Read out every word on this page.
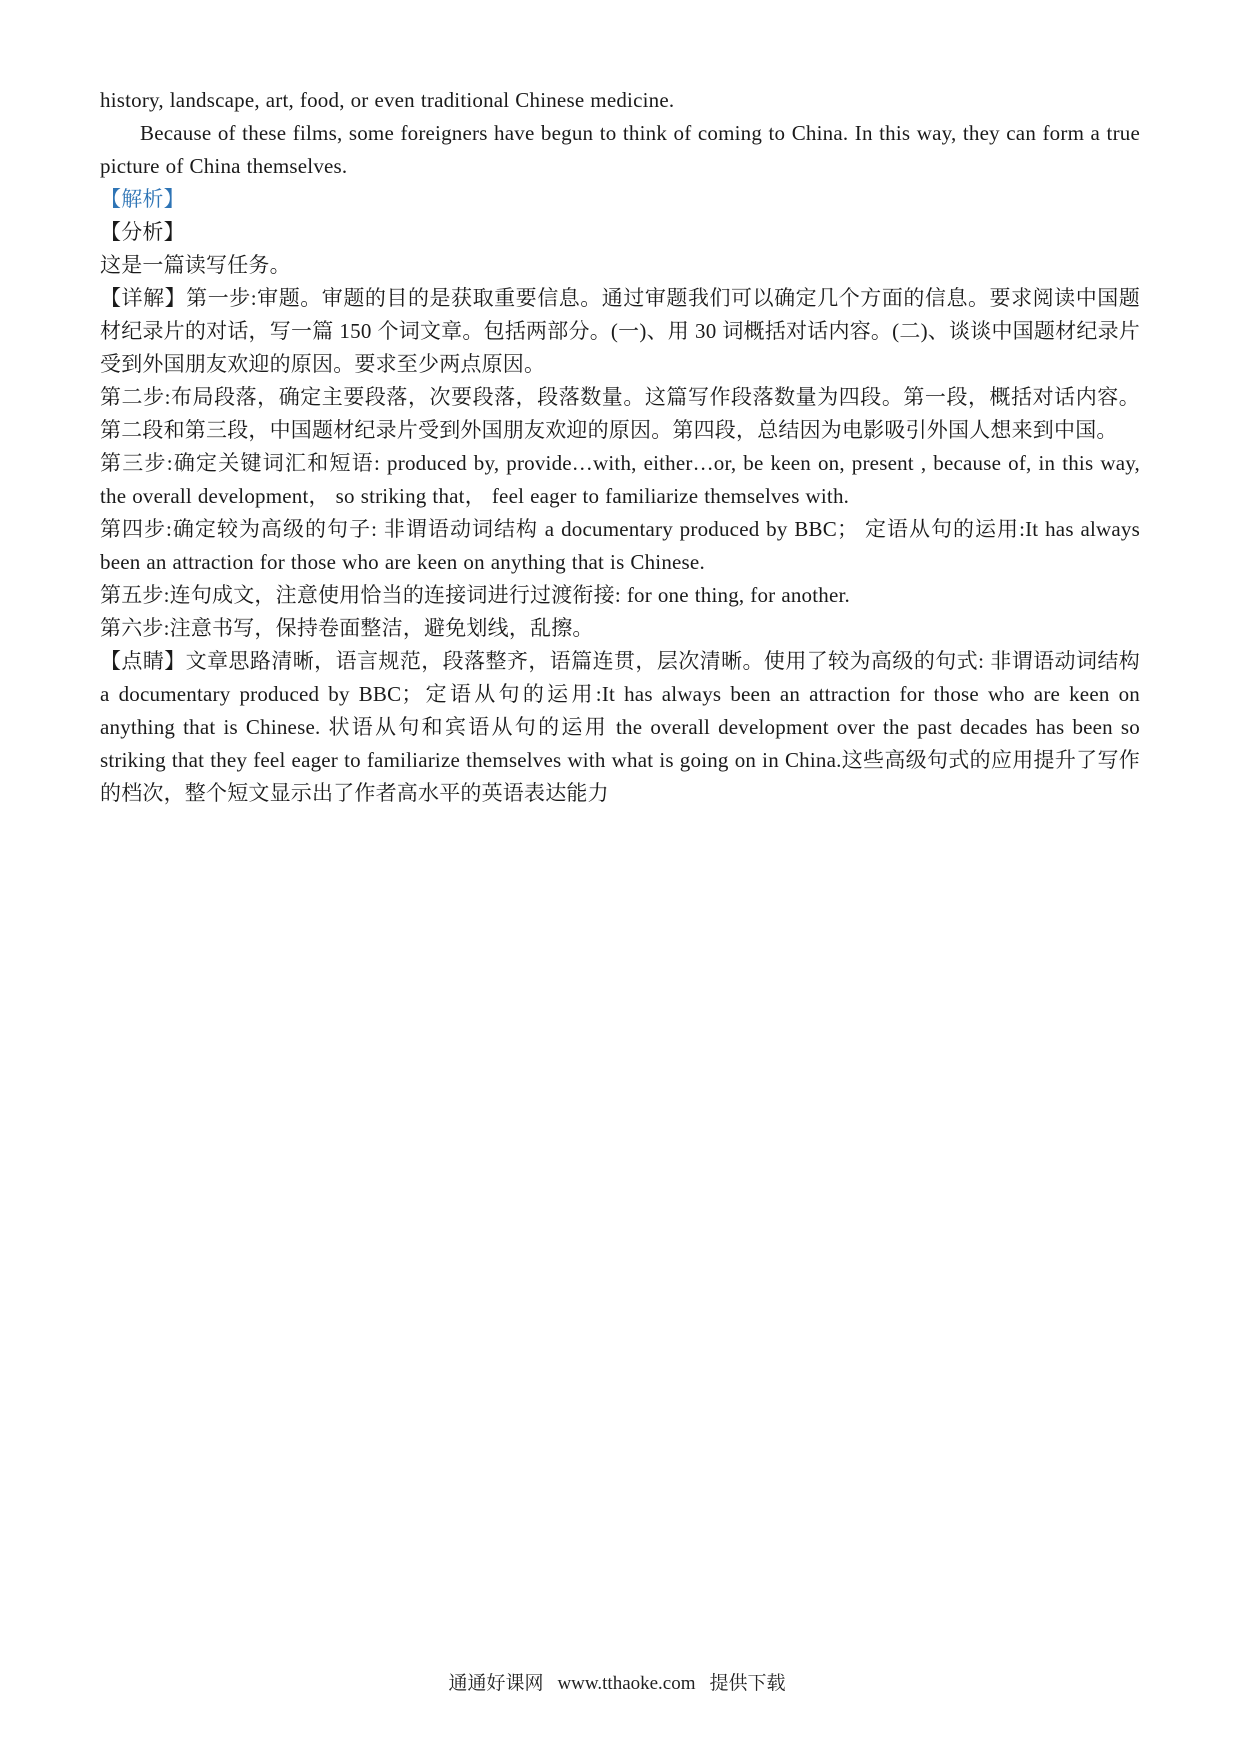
history, landscape, art, food, or even traditional Chinese medicine.

Because of these films, some foreigners have begun to think of coming to China. In this way, they can form a true picture of China themselves.

【解析】

【分析】

这是一篇读写任务。

【详解】第一步:审题。审题的目的是获取重要信息。通过审题我们可以确定几个方面的信息。要求阅读中国题材纪录片的对话，写一篇 150 个词文章。包括两部分。(一)、用 30 词概括对话内容。(二)、谈谈中国题材纪录片受到外国朋友欢迎的原因。要求至少两点原因。

第二步:布局段落，确定主要段落，次要段落，段落数量。这篇写作段落数量为四段。第一段，概括对话内容。第二段和第三段，中国题材纪录片受到外国朋友欢迎的原因。第四段，总结因为电影吸引外国人想来到中国。

第三步:确定关键词汇和短语: produced by, provide…with, either…or, be keen on, present , because of, in this way, the overall development， so striking that， feel eager to familiarize themselves with.

第四步:确定较为高级的句子: 非谓语动词结构 a documentary produced by BBC； 定语从句的运用:It has always been an attraction for those who are keen on anything that is Chinese.

第五步:连句成文，注意使用恰当的连接词进行过渡衔接: for one thing, for another.

第六步:注意书写，保持卷面整洁，避免划线，乱擦。

【点睛】文章思路清晰，语言规范，段落整齐，语篇连贯，层次清晰。使用了较为高级的句式: 非谓语动词结构 a documentary produced by BBC；定语从句的运用:It has always been an attraction for those who are keen on anything that is Chinese. 状语从句和宾语从句的运用 the overall development over the past decades has been so striking that they feel eager to familiarize themselves with what is going on in China.这些高级句式的应用提升了写作的档次，整个短文显示出了作者高水平的英语表达能力

通通好课网 www.tthaoke.com 提供下载
